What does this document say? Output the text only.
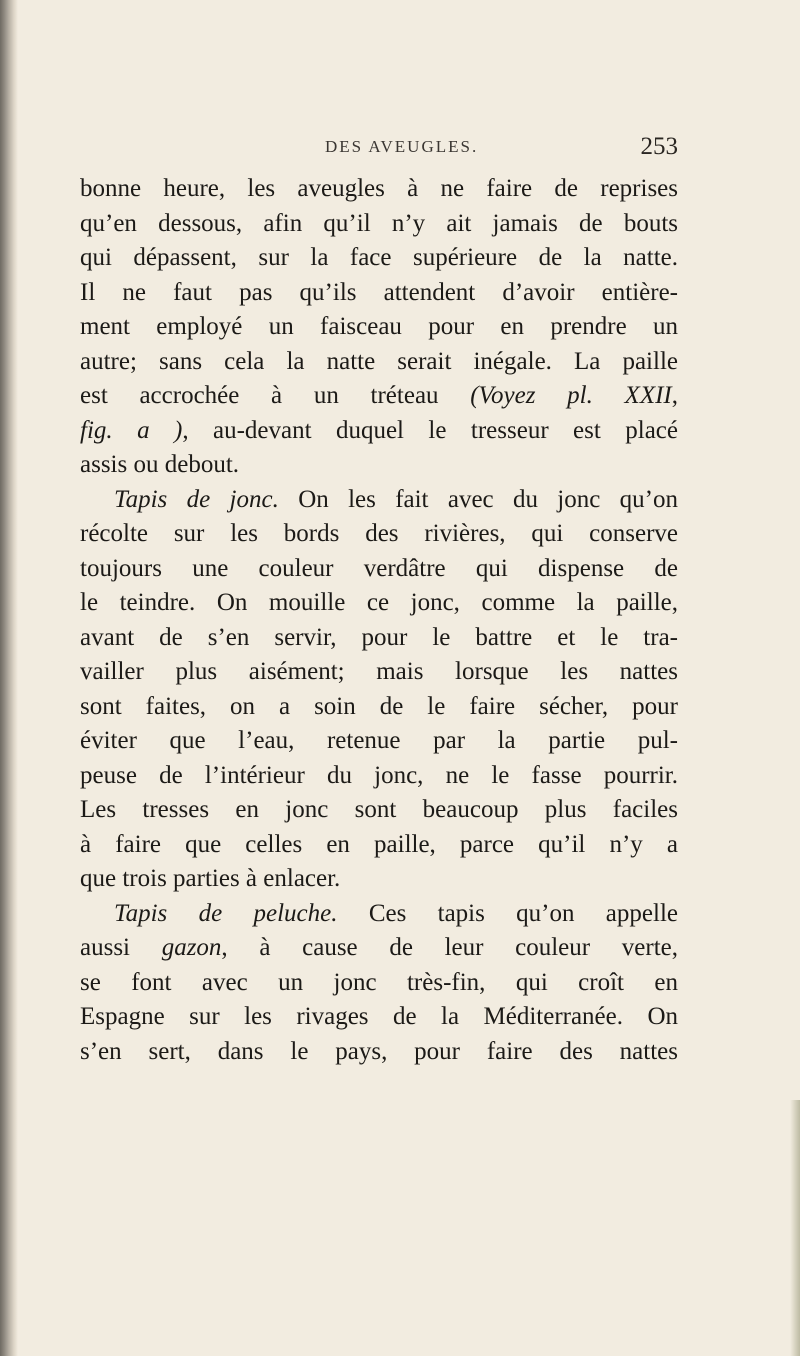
DES AVEUGLES.	253
bonne heure, les aveugles à ne faire de reprises
qu’en dessous, afin qu’il n’y ait jamais de bouts
qui dépassent, sur la face supérieure de la natte.
Il ne faut pas qu’ils attendent d’avoir entière-
ment employé un faisceau pour en prendre un
autre; sans cela la natte serait inégale. La paille
est accrochée à un tréteau (Voyez pl. XXII,
fig. a ), au-devant duquel le tresseur est placé
assis ou debout.
Tapis de jonc. On les fait avec du jonc qu’on
récolte sur les bords des rivières, qui conserve
toujours une couleur verdâtre qui dispense de
le teindre. On mouille ce jonc, comme la paille,
avant de s’en servir, pour le battre et le tra-
vailler plus aisément; mais lorsque les nattes
sont faites, on a soin de le faire sécher, pour
éviter que l’eau, retenue par la partie pul-
peuse de l’intérieur du jonc, ne le fasse pourrir.
Les tresses en jonc sont beaucoup plus faciles
à faire que celles en paille, parce qu’il n’y a
que trois parties à enlacer.
Tapis de peluche. Ces tapis qu’on appelle
aussi gazon, à cause de leur couleur verte,
se font avec un jonc très-fin, qui croît en
Espagne sur les rivages de la Méditerranée. On
s’en sert, dans le pays, pour faire des nattes
